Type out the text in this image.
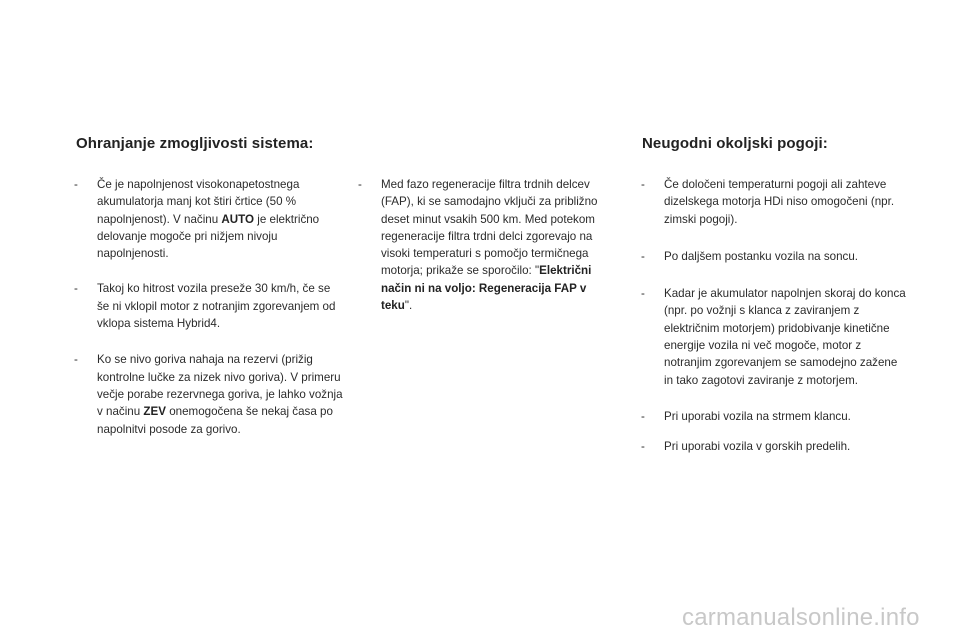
Ohranjanje zmogljivosti sistema:	Neugodni okoljski pogoji:
- Če je napolnjenost visokonapetostnega akumulatorja manj kot štiri črtice (50 % napolnjenost). V načinu AUTO je električno delovanje mogoče pri nižjem nivoju napolnjenosti.
- Takoj ko hitrost vozila preseže 30 km/h, če se še ni vklopil motor z notranjim zgorevanjem od vklopa sistema Hybrid4.
- Ko se nivo goriva nahaja na rezervi (prižig kontrolne lučke za nizek nivo goriva). V primeru večje porabe rezervnega goriva, je lahko vožnja v načinu ZEV onemogočena še nekaj časa po napolnitvi posode za gorivo.
- Med fazo regeneracije filtra trdnih delcev (FAP), ki se samodajno vključi za približno deset minut vsakih 500 km. Med potekom regeneracije filtra trdni delci zgorevajo na visoki temperaturi s pomočjo termičnega motorja; prikaže se sporočilo: "Električni način ni na voljo: Regeneracija FAP v teku".
- Če določeni temperaturni pogoji ali zahteve dizelskega motorja HDi niso omogočeni (npr. zimski pogoji).
- Po daljšem postanku vozila na soncu.
- Kadar je akumulator napolnjen skoraj do konca (npr. po vožnji s klanca z zaviranjem z električnim motorjem) pridobivanje kinetične energije vozila ni več mogoče, motor z notranjim zgorevanjem se samodejno zažene in tako zagotovi zaviranje z motorjem.
- Pri uporabi vozila na strmem klancu.
- Pri uporabi vozila v gorskih predelih.
carmanualsonline.info
